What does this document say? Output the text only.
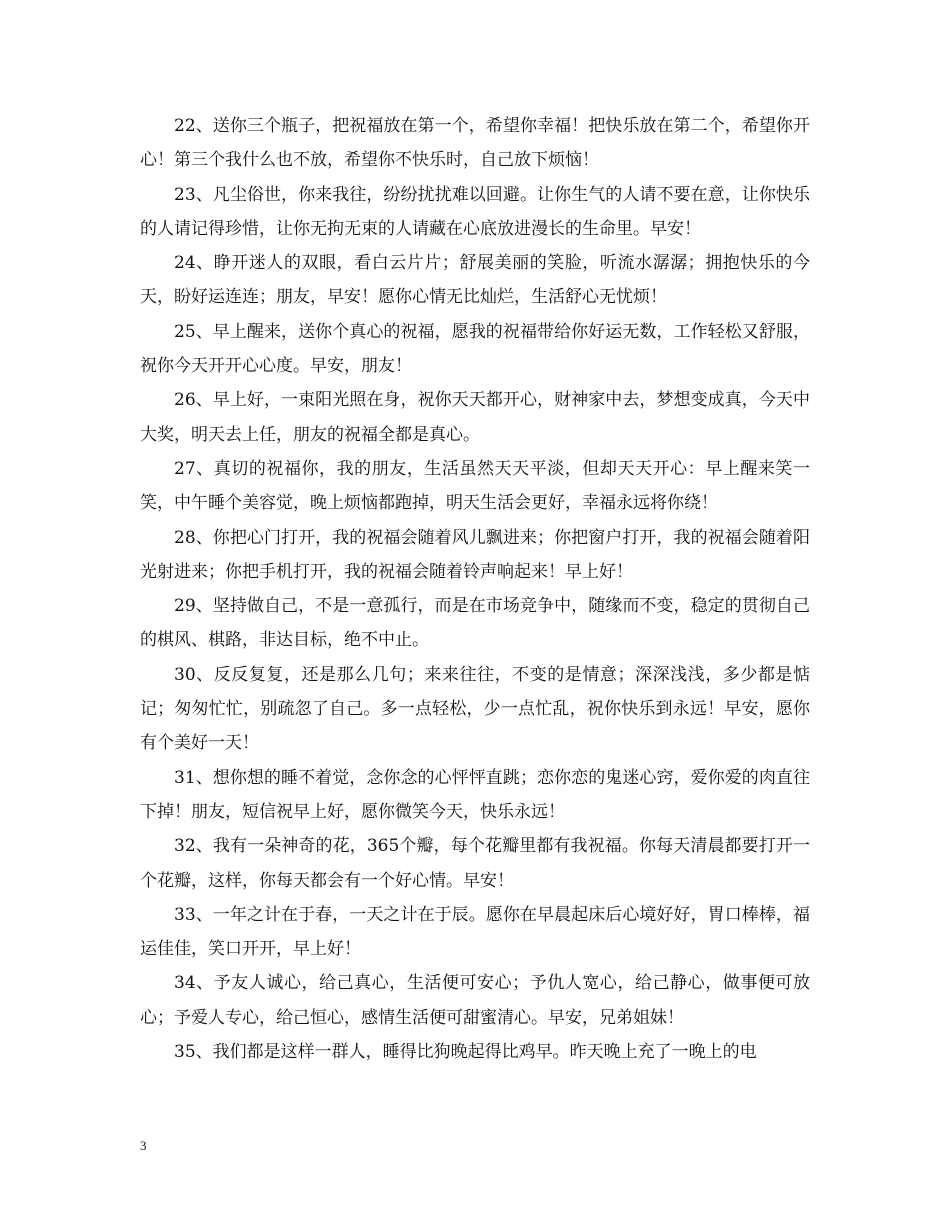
22、送你三个瓶子，把祝福放在第一个，希望你幸福！把快乐放在第二个，希望你开心！第三个我什么也不放，希望你不快乐时，自己放下烦恼！

23、凡尘俗世，你来我往，纷纷扰扰难以回避。让你生气的人请不要在意，让你快乐的人请记得珍惜，让你无拘无束的人请藏在心底放进漫长的生命里。早安！

24、睁开迷人的双眼，看白云片片；舒展美丽的笑脸，听流水潺潺；拥抱快乐的今天，盼好运连连；朋友，早安！愿你心情无比灿烂，生活舒心无忧烦！

25、早上醒来，送你个真心的祝福，愿我的祝福带给你好运无数，工作轻松又舒服，祝你今天开开心心度。早安，朋友！

26、早上好，一束阳光照在身，祝你天天都开心，财神家中去，梦想变成真，今天中大奖，明天去上任，朋友的祝福全都是真心。

27、真切的祝福你，我的朋友，生活虽然天天平淡，但却天天开心：早上醒来笑一笑，中午睡个美容觉，晚上烦恼都跑掉，明天生活会更好，幸福永远将你绕！

28、你把心门打开，我的祝福会随着风儿飘进来；你把窗户打开，我的祝福会随着阳光射进来；你把手机打开，我的祝福会随着铃声响起来！早上好！

29、坚持做自己，不是一意孤行，而是在市场竞争中，随缘而不变，稳定的贯彻自己的棋风、棋路，非达目标，绝不中止。

30、反反复复，还是那么几句；来来往往，不变的是情意；深深浅浅，多少都是惦记；匆匆忙忙，别疏忽了自己。多一点轻松，少一点忙乱，祝你快乐到永远！早安，愿你有个美好一天！

31、想你想的睡不着觉，念你念的心怦怦直跳；恋你恋的鬼迷心窍，爱你爱的肉直往下掉！朋友，短信祝早上好，愿你微笑今天，快乐永远！

32、我有一朵神奇的花，365个瓣，每个花瓣里都有我祝福。你每天清晨都要打开一个花瓣，这样，你每天都会有一个好心情。早安！

33、一年之计在于春，一天之计在于辰。愿你在早晨起床后心境好好，胃口棒棒，福运佳佳，笑口开开，早上好！

34、予友人诚心，给己真心，生活便可安心；予仇人宽心，给己静心，做事便可放心；予爱人专心，给己恒心，感情生活便可甜蜜清心。早安，兄弟姐妹！

35、我们都是这样一群人，睡得比狗晚起得比鸡早。昨天晚上充了一晚上的电

3
